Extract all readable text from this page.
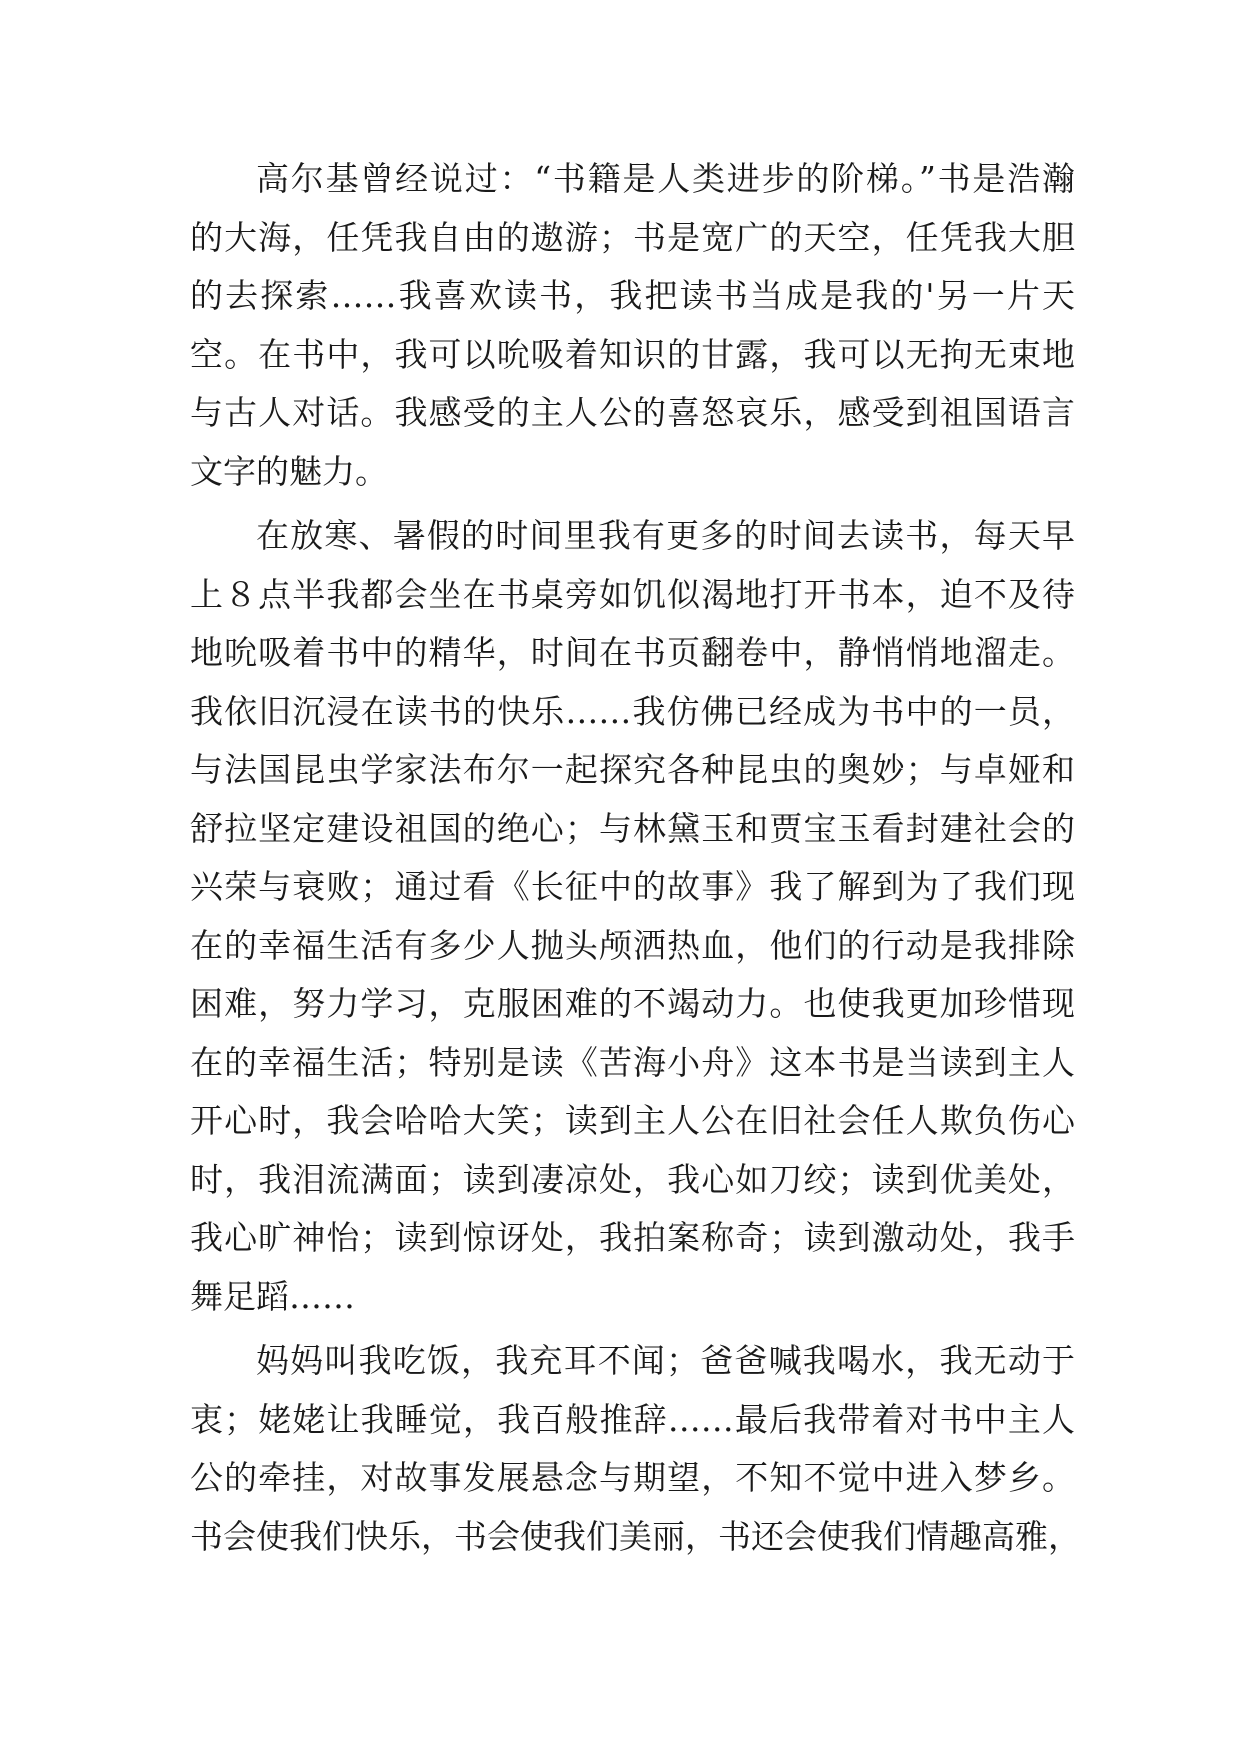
高尔基曾经说过：“书籍是人类进步的阶梯。”书是浩瀚
的大海，任凭我自由的遨游；书是宽广的天空，任凭我大胆
的去探索……我喜欢读书，我把读书当成是我的'另一片天
空。在书中，我可以吮吸着知识的甘露，我可以无拘无束地
与古人对话。我感受的主人公的喜怒哀乐，感受到祖国语言
文字的魅力。
在放寒、暑假的时间里我有更多的时间去读书，每天早
上８点半我都会坐在书桌旁如饥似渴地打开书本，迫不及待
地吮吸着书中的精华，时间在书页翻卷中，静悄悄地溜走。
我依旧沉浸在读书的快乐……我仿佛已经成为书中的一员，
与法国昆虫学家法布尔一起探究各种昆虫的奥妙；与卓娅和
舒拉坚定建设祖国的绝心；与林黛玉和贾宝玉看封建社会的
兴荣与衰败；通过看《长征中的故事》我了解到为了我们现
在的幸福生活有多少人抛头颅洒热血，他们的行动是我排除
困难，努力学习，克服困难的不竭动力。也使我更加珍惜现
在的幸福生活；特别是读《苦海小舟》这本书是当读到主人
开心时，我会哈哈大笑；读到主人公在旧社会任人欺负伤心
时，我泪流满面；读到凄凉处，我心如刀绞；读到优美处，
我心旷神怡；读到惊讶处，我拍案称奇；读到激动处，我手
舞足蹈……
妈妈叫我吃饭，我充耳不闻；爸爸喊我喝水，我无动于
衷；姥姥让我睡觉，我百般推辞……最后我带着对书中主人
公的牵挂，对故事发展悬念与期望，不知不觉中进入梦乡。
书会使我们快乐，书会使我们美丽，书还会使我们情趣高雅，
